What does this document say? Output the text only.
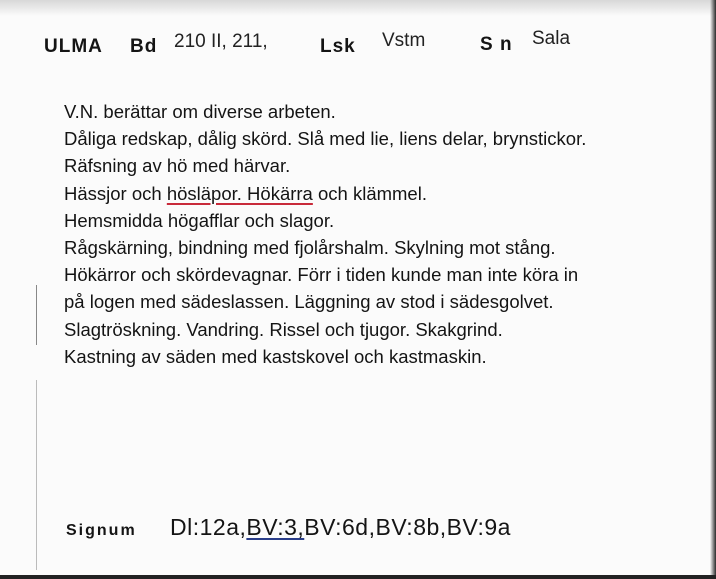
ULMA Bd 210 II, 211,	Lsk Vstm	S n Sala
V.N. berättar om diverse arbeten.
Dåliga redskap, dålig skörd. Slå med lie, liens delar, brynstickor.
Räfsning av hö med härvar.
Hässjor och hösläpor. Hökärra och klämmel.
Hemsmidda högafflar och slagor.
Rågskärning, bindning med fjolårshalm. Skylning mot stång.
Hökärror och skördevagnar. Förr i tiden kunde man inte köra in
på logen med sädeslassen. Läggning av stod i sädesgolvet.
Slagtröskning. Vandring. Rissel och tjugor. Skakgrind.
Kastning av säden med kastskovel och kastmaskin.
Signum Dl:12a,BV:3,BV:6d,BV:8b,BV:9a
